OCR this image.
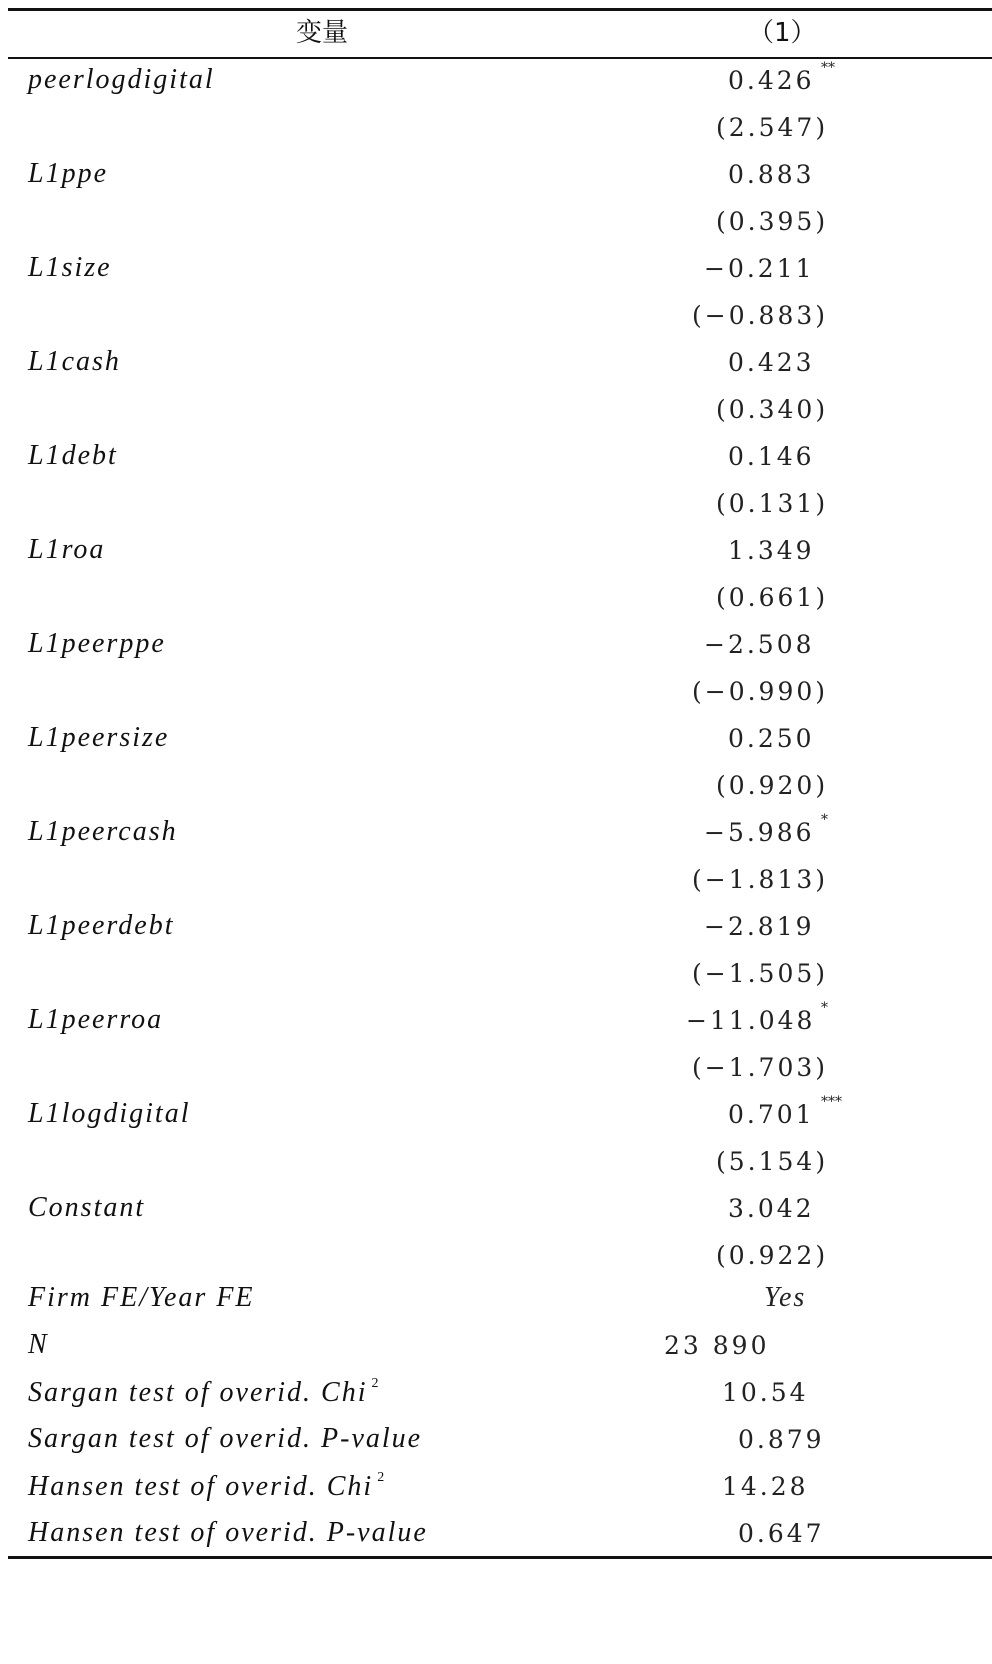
变量	（1）
peerlogdigital	0.426 **
(2.547)
L1ppe	0.883
(0.395)
L1size	−0.211
(−0.883)
L1cash	0.423
(0.340)
L1debt	0.146
(0.131)
L1roa	1.349
(0.661)
L1peerppe	−2.508
(−0.990)
L1peersize	0.250
(0.920)
L1peercash	−5.986 *
(−1.813)
L1peerdebt	−2.819
(−1.505)
L1peerroa	−11.048 *
(−1.703)
L1logdigital	0.701 ***
(5.154)
Constant	3.042
(0.922)
Firm FE/Year FE	Yes
N	23 890
Sargan test of overid. Chi $^2$	10.54
Sargan test of overid. P-value	0.879
Hansen test of overid. Chi $^2$	14.28
Hansen test of overid. P-value	0.647
